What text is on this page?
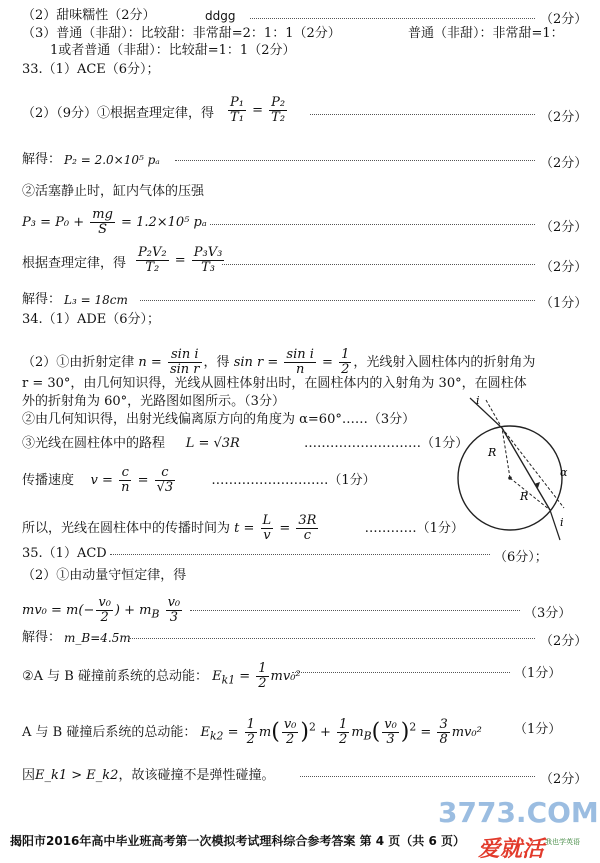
（2）甜味糯性（2分）	ddgg	（2分）
（3）普通（非甜）：比较甜：非常甜=2：1：1（2分）	普通（非甜）：非常甜=1：
1或者普通（非甜）：比较甜=1：1（2分）
33.（1）ACE（6分）；
（2）（9分）①根据查理定律，得 $\frac{\text{P₁}}{\text{T₁}} = \frac{\text{P₂}}{\text{T₂}}$	（2分）
解得： P₂ = 2.0×10⁵ pₐ	（2分）
②活塞静止时，缸内气体的压强
$P_3 = P_0 + \frac{mg}{S} = 1.2\times 10^5$ pₐ	（2分）
根据查理定律，得 $\frac{\text{P₂V₂}}{\text{T₂}} = \frac{\text{P₃V₃}}{\text{T₃}}$	（2分）
解得： L₃ = 18cm	（1分）
34.（1）ADE（6分）；
（2）①由折射定律 $n = \frac{\text{sin i}}{\text{sin r}}$ ，得 $\sin r = \frac{\text{sin i}}{n} = \frac{1}{2}$ ，光线射入圆柱体内的折射角为
r = 30°，由几何知识得，光线从圆柱体射出时，在圆柱体内的入射角为 30°，在圆柱体
外的折射角为 60°，光路图如图所示。（3分）
②由几何知识得，出射光线偏离原方向的角度为 α=60°……（3分）
③光线在圆柱体中的路程 L = √3R	………………………（1分）
传播速度 $v = \frac{c}{n} = \frac{c}{√3}$	………………………（1分）
所以，光线在圆柱体中的传播时间为 $t = \frac{L}{v} = \frac{3R}{c}$	…………（1分）
i
R
R
α
i
35.（1）ACD	（6分）；
（2）①由动量守恒定律，得
$mv_0 = m(- \frac{\text{v₀}}{2}$ ) + $m_B \frac{\text{v₀}}{3}$	（3分）
解得： m_B=4.5m	（2分）
②A 与 B 碰撞前系统的总动能： $E_{k1} = \frac{1}{2} mv_0^2$	（1分）
A 与 B 碰撞后系统的总动能： $E_{k2} = \frac{1}{2} m( \frac{\text{v₀}}{2} )^2 + \frac{1}{2} m_B( \frac{\text{v₀}}{3} )^2 = \frac{3}{8} mv_0^2$ （1分）
因E_k1 > E_k2，故该碰撞不是弹性碰撞。	（2分）
揭阳市2016年高中毕业班高考第一次模拟考试理科综合参考答案 第 4 页（共 6 页）
3773.COM
爱就活 我也学英语
